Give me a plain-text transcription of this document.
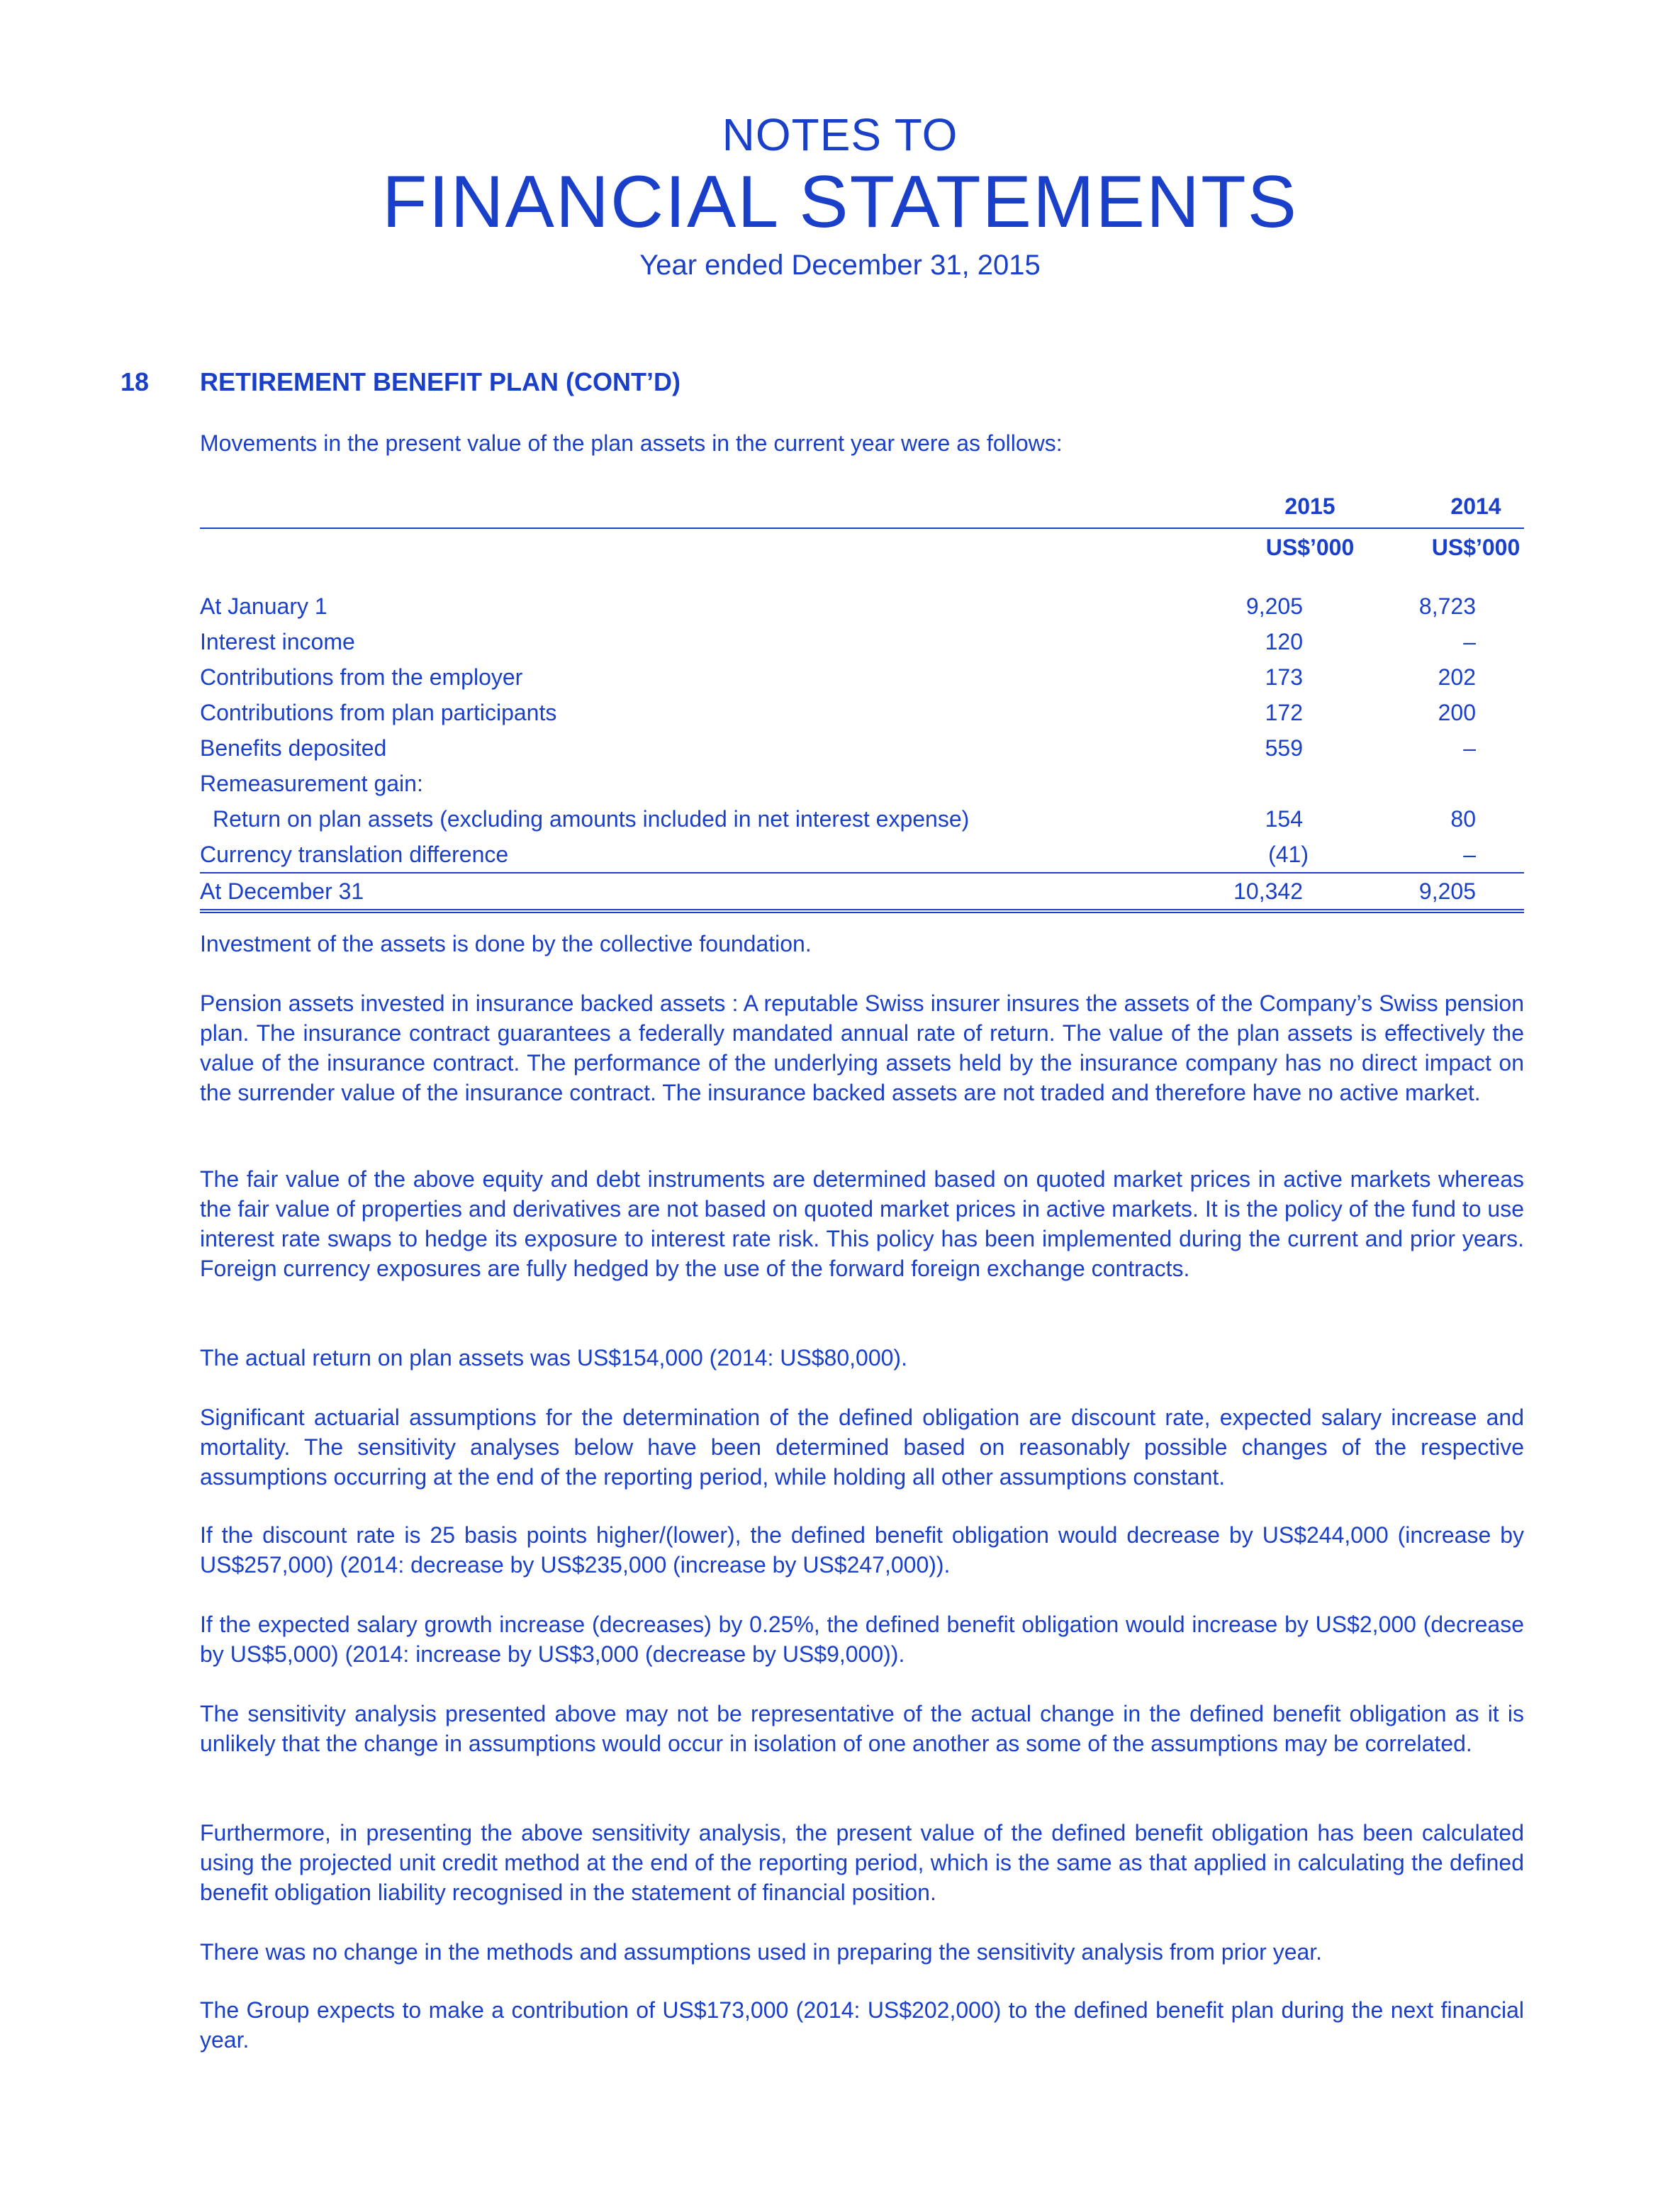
NOTES TO
FINANCIAL STATEMENTS
Year ended December 31, 2015
18 RETIREMENT BENEFIT PLAN (CONT’D)
Movements in the present value of the plan assets in the current year were as follows:
2015	2014
US$’000	US$’000
At January 1	9,205	8,723
Interest income	120	–
Contributions from the employer	173	202
Contributions from plan participants	172	200
Benefits deposited	559	–
Remeasurement gain:
Return on plan assets (excluding amounts included in net interest expense)	154	80
Currency translation difference	(41)	–
At December 31	10,342	9,205
Investment of the assets is done by the collective foundation.
Pension assets invested in insurance backed assets : A reputable Swiss insurer insures the assets of the Company’s Swiss pension plan. The insurance contract guarantees a federally mandated annual rate of return. The value of the plan assets is effectively the value of the insurance contract. The performance of the underlying assets held by the insurance company has no direct impact on the surrender value of the insurance contract. The insurance backed assets are not traded and therefore have no active market.
The fair value of the above equity and debt instruments are determined based on quoted market prices in active markets whereas the fair value of properties and derivatives are not based on quoted market prices in active markets. It is the policy of the fund to use interest rate swaps to hedge its exposure to interest rate risk. This policy has been implemented during the current and prior years. Foreign currency exposures are fully hedged by the use of the forward foreign exchange contracts.
The actual return on plan assets was US$154,000 (2014: US$80,000).
Significant actuarial assumptions for the determination of the defined obligation are discount rate, expected salary increase and mortality. The sensitivity analyses below have been determined based on reasonably possible changes of the respective assumptions occurring at the end of the reporting period, while holding all other assumptions constant.
If the discount rate is 25 basis points higher/(lower), the defined benefit obligation would decrease by US$244,000 (increase by US$257,000) (2014: decrease by US$235,000 (increase by US$247,000)).
If the expected salary growth increase (decreases) by 0.25%, the defined benefit obligation would increase by US$2,000 (decrease by US$5,000) (2014: increase by US$3,000 (decrease by US$9,000)).
The sensitivity analysis presented above may not be representative of the actual change in the defined benefit obligation as it is unlikely that the change in assumptions would occur in isolation of one another as some of the assumptions may be correlated.
Furthermore, in presenting the above sensitivity analysis, the present value of the defined benefit obligation has been calculated using the projected unit credit method at the end of the reporting period, which is the same as that applied in calculating the defined benefit obligation liability recognised in the statement of financial position.
There was no change in the methods and assumptions used in preparing the sensitivity analysis from prior year.
The Group expects to make a contribution of US$173,000 (2014: US$202,000) to the defined benefit plan during the next financial year.
